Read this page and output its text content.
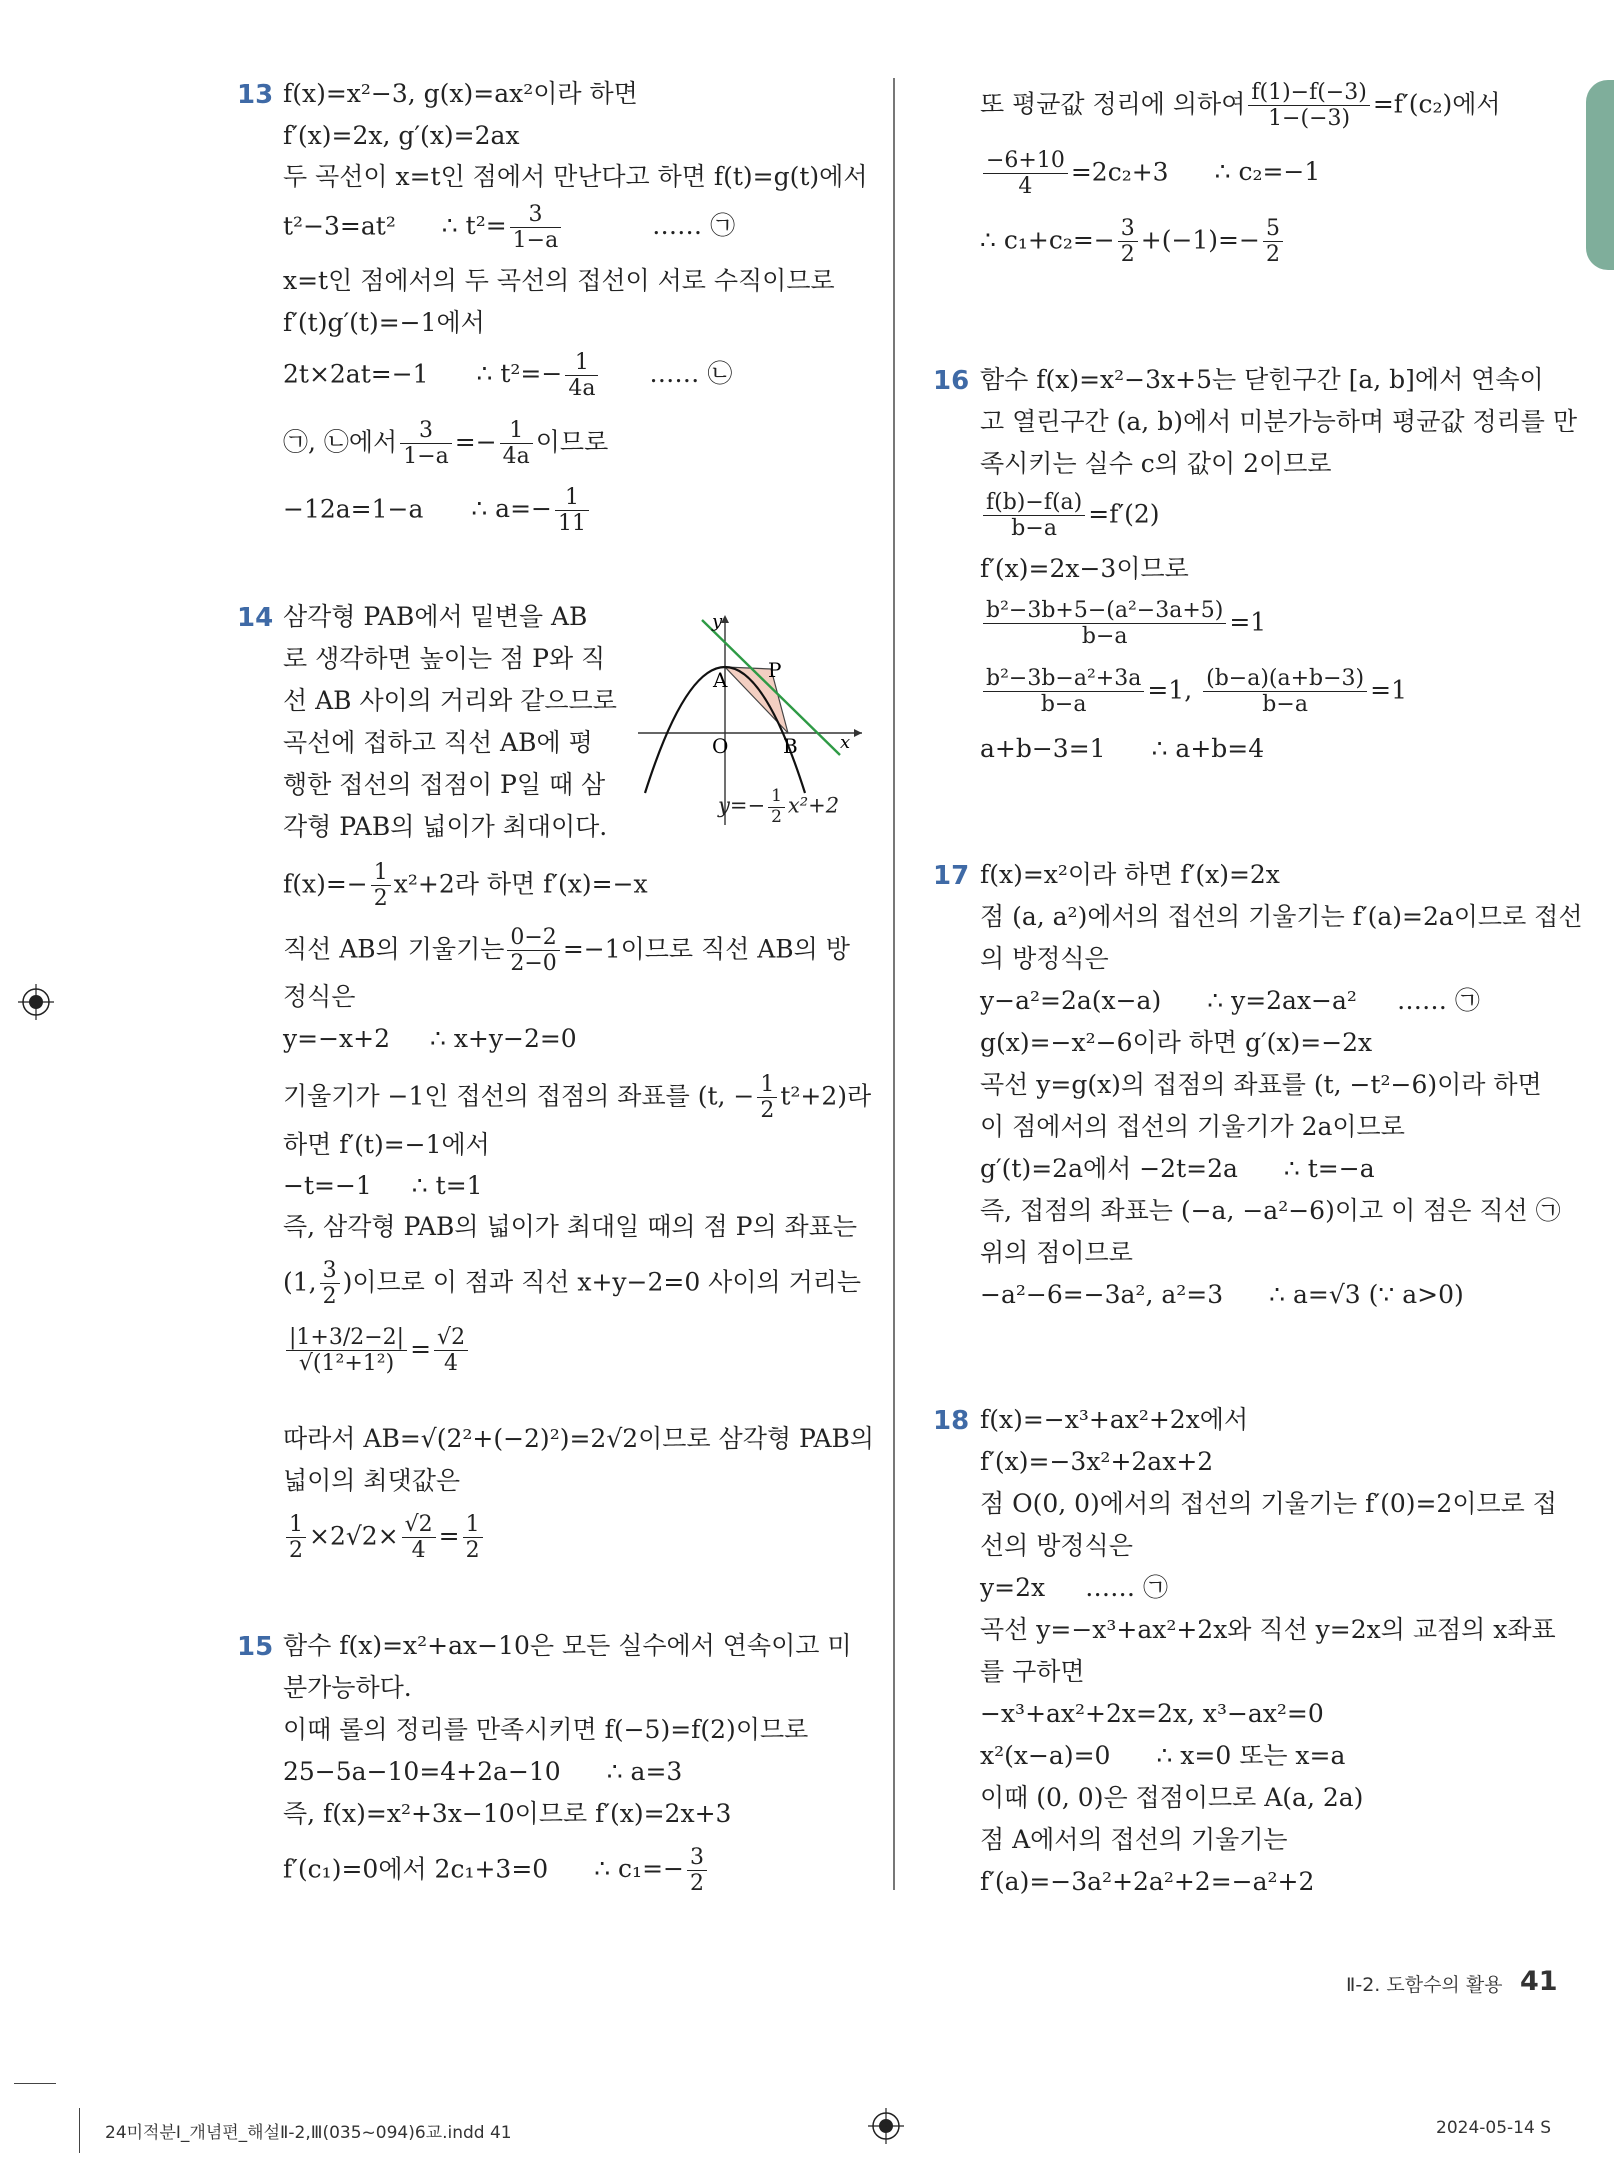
13 f(x)=x²−3, g(x)=ax²이라 하면
f′(x)=2x, g′(x)=2ax
두 곡선이 x=t인 점에서 만난다고 하면 f(t)=g(t)에서
t²−3=at² ∴ $t^2= \frac{3}{1-a}$	…… ㉠
x=t인 점에서의 두 곡선의 접선이 서로 수직이므로
f′(t)g′(t)=−1에서
2t×2at=−1 ∴ $t^2=- \frac{1}{4a}$ …… ㉡
㉠, ㉡에서 $\frac{3}{1-a} =- \frac{1}{4a}$ 이므로
−12a=1−a ∴ $a=- \frac{1}{11}$
14 삼각형 PAB에서 밑변을 AB
로 생각하면 높이는 점 P와 직
선 AB 사이의 거리와 같으므로
곡선에 접하고 직선 AB에 평
행한 접선의 접점이 P일 때 삼
각형 PAB의 넓이가 최대이다.
y
x
A P
O	B
$y=- \frac{1}{2} x^2+2$
$f(x)=- \frac{1}{2} x^2+2$라 하면 f′(x)=−x
직선 AB의 기울기는 $\frac{0-2}{2-0} =-1$이므로 직선 AB의 방
정식은
y=−x+2 ∴ x+y−2=0
기울기가 −1인 접선의 접점의 좌표를 (t, − $\frac{1}{2} t^2+2$)라
하면 f′(t)=−1에서
−t=−1 ∴ t=1
즉, 삼각형 PAB의 넓이가 최대일 때의 점 P의 좌표는
(1, $\frac{3}{2}$ )이므로 이 점과 직선 x+y−2=0 사이의 거리는
$\frac{|1+3/2-2|}{\text{√(1²+1²)}} = \frac{√2}{4}$
따라서 AB=√(2²+(−2)²)=2√2이므로 삼각형 PAB의
넓이의 최댓값은
$\frac{1}{2} \times 2√2\times \frac{√2}{4} = \frac{1}{2}$
15 함수 f(x)=x²+ax−10은 모든 실수에서 연속이고 미
분가능하다.
이때 롤의 정리를 만족시키면 f(−5)=f(2)이므로
25−5a−10=4+2a−10 ∴ a=3
즉, f(x)=x²+3x−10이므로 f′(x)=2x+3
f′(c₁)=0에서 2c₁+3=0 ∴ $c_1=- \frac{3}{2}$
또 평균값 정리에 의하여 $\frac{f(1)-f(-3)}{1-(-3)} =f'(c_2)$에서
$\frac{-6+10}{4} =2c_2+3$ ∴ c₂=−1
∴ $c_1+c_2=- \frac{3}{2} +(-1)=- \frac{5}{2}$
16 함수 f(x)=x²−3x+5는 닫힌구간 [a, b]에서 연속이
고 열린구간 (a, b)에서 미분가능하며 평균값 정리를 만
족시키는 실수 c의 값이 2이므로
$\frac{f(b)-f(a)}{b-a} =f'(2)$
f′(x)=2x−3이므로
$\frac{\text{b²−3b+5−(a²−3a+5)}}{b-a} =1$
$\frac{\text{b²−3b−a²+3a}}{b-a} =1$, $\frac{(b-a)(a+b-3)}{b-a} =1$
a+b−3=1 ∴ a+b=4
17 f(x)=x²이라 하면 f′(x)=2x
점 (a, a²)에서의 접선의 기울기는 f′(a)=2a이므로 접선
의 방정식은
y−a²=2a(x−a) ∴ y=2ax−a² …… ㉠
g(x)=−x²−6이라 하면 g′(x)=−2x
곡선 y=g(x)의 접점의 좌표를 (t, −t²−6)이라 하면
이 점에서의 접선의 기울기가 2a이므로
g′(t)=2a에서 −2t=2a ∴ t=−a
즉, 접점의 좌표는 (−a, −a²−6)이고 이 점은 직선 ㉠
위의 점이므로
−a²−6=−3a², a²=3 ∴ a=√3 (∵ a>0)
18 f(x)=−x³+ax²+2x에서
f′(x)=−3x²+2ax+2
점 O(0, 0)에서의 접선의 기울기는 f′(0)=2이므로 접
선의 방정식은
y=2x …… ㉠
곡선 y=−x³+ax²+2x와 직선 y=2x의 교점의 x좌표
를 구하면
−x³+ax²+2x=2x, x³−ax²=0
x²(x−a)=0 ∴ x=0 또는 x=a
이때 (0, 0)은 접점이므로 A(a, 2a)
점 A에서의 접선의 기울기는
f′(a)=−3a²+2a²+2=−a²+2
Ⅱ-2. 도함수의 활용 41
24미적분Ⅰ_개념편_해설Ⅱ-2,Ⅲ(035~094)6교.indd 41	2024-05-14 S
